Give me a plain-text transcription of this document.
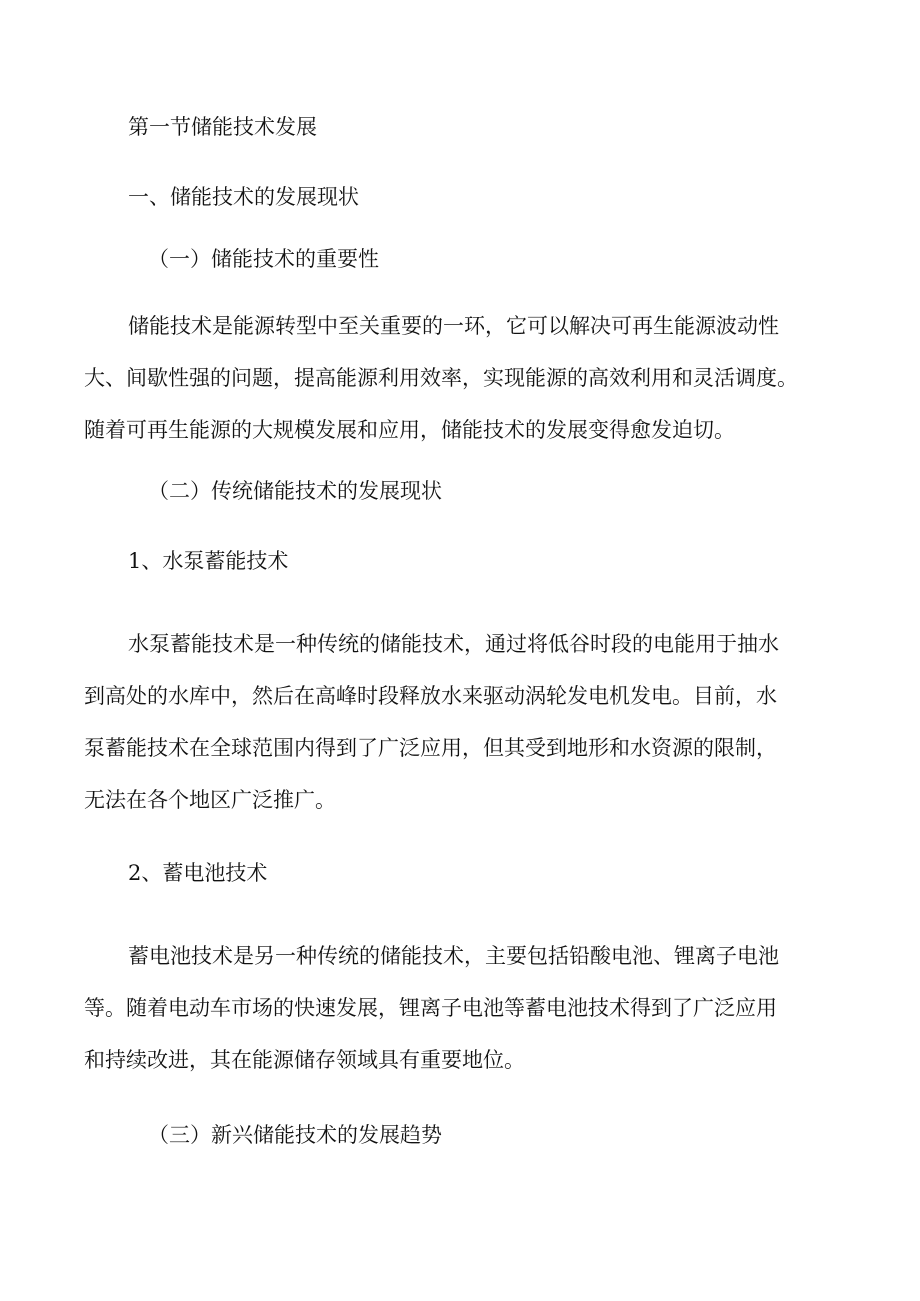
第一节储能技术发展
一、储能技术的发展现状
（一）储能技术的重要性
储能技术是能源转型中至关重要的一环，它可以解决可再生能源波动性
大、间歇性强的问题，提高能源利用效率，实现能源的高效利用和灵活调度。
随着可再生能源的大规模发展和应用，储能技术的发展变得愈发迫切。
（二）传统储能技术的发展现状
1、水泵蓄能技术
水泵蓄能技术是一种传统的储能技术，通过将低谷时段的电能用于抽水
到高处的水库中，然后在高峰时段释放水来驱动涡轮发电机发电。目前，水
泵蓄能技术在全球范围内得到了广泛应用，但其受到地形和水资源的限制，
无法在各个地区广泛推广。
2、蓄电池技术
蓄电池技术是另一种传统的储能技术，主要包括铅酸电池、锂离子电池
等。随着电动车市场的快速发展，锂离子电池等蓄电池技术得到了广泛应用
和持续改进，其在能源储存领域具有重要地位。
（三）新兴储能技术的发展趋势
